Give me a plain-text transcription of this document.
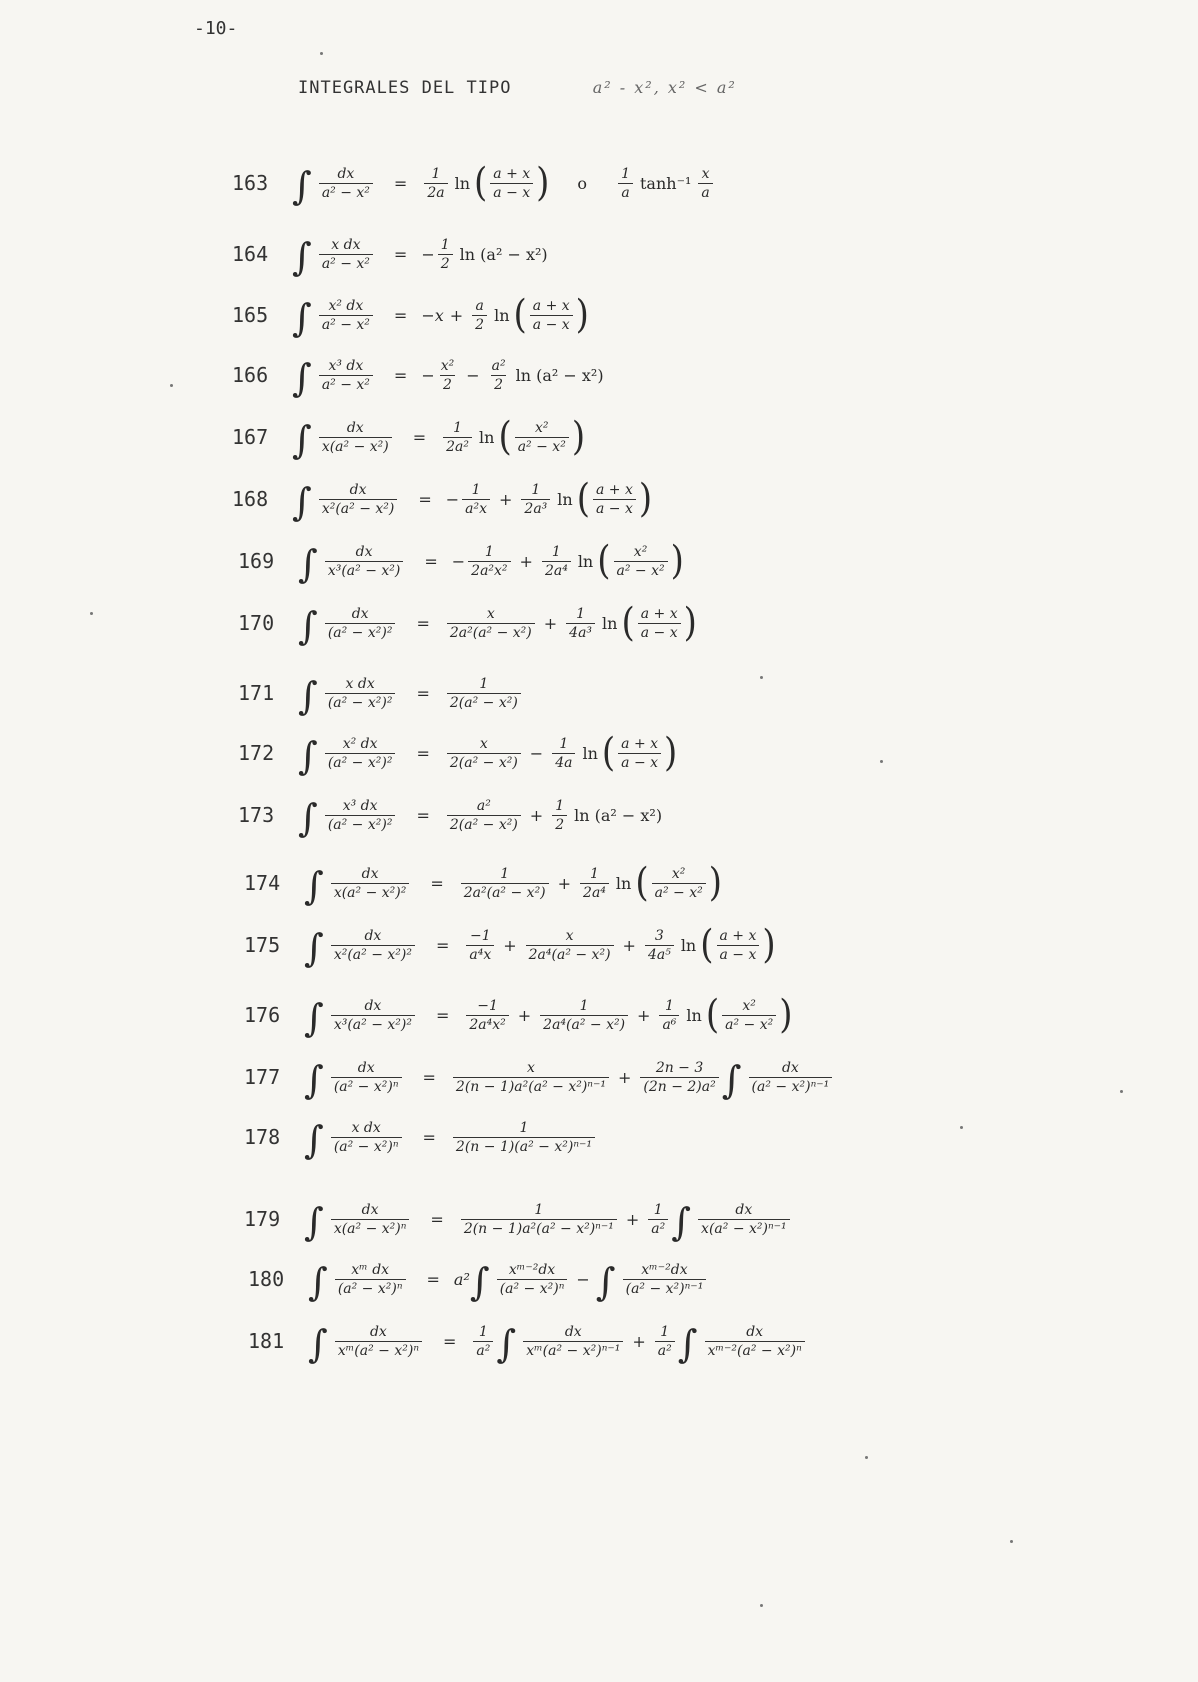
-10-
INTEGRALES DEL TIPO	a² - x², x² < a²
163 ∫ $\frac{dx}{\text{a² − x²}} = \frac{1}{2a}$ ln ( $\frac{a + x}{a - x}$ ) o $\frac{1}{a} \tanh^{-1} \frac{x}{a}$
164 ∫ $\frac{\text{x dx}}{\text{a² − x²}}$ = − $\frac{1}{2}$ ln (a² − x²)
165 ∫ $\frac{\text{x² dx}}{\text{a² − x²}} = -x + \frac{a}{2}$ ln ( $\frac{a + x}{a - x}$ )
166 ∫ $\frac{\text{x³ dx}}{\text{a² − x²}}$ = − $\frac{\text{x²}}{2} - \frac{\text{a²}}{2}$ ln (a² − x²)
167 ∫ $\frac{dx}{\text{x(a² − x²)}} = \frac{1}{\text{2a²}}$ ln ( $\frac{\text{x²}}{\text{a² − x²}}$ )
168 ∫ $\frac{dx}{\text{x²(a² − x²)}}$ = − $\frac{1}{\text{a²x}} + \frac{1}{\text{2a³}}$ ln ( $\frac{a + x}{a - x}$ )
169 ∫ $\frac{dx}{\text{x³(a² − x²)}}$ = − $\frac{1}{\text{2a²x²}} + \frac{1}{\text{2a⁴}}$ ln ( $\frac{\text{x²}}{\text{a² − x²}}$ )
170 ∫ $\frac{dx}{\text{(a² − x²)²}} = \frac{x}{\text{2a²(a² − x²)}} + \frac{1}{\text{4a³}}$ ln ( $\frac{a + x}{a - x}$ )
171 ∫ $\frac{\text{x dx}}{\text{(a² − x²)²}} = \frac{1}{\text{2(a² − x²)}}$
172 ∫ $\frac{\text{x² dx}}{\text{(a² − x²)²}} = \frac{x}{\text{2(a² − x²)}} - \frac{1}{4a}$ ln ( $\frac{a + x}{a - x}$ )
173 ∫ $\frac{\text{x³ dx}}{\text{(a² − x²)²}} = \frac{\text{a²}}{\text{2(a² − x²)}} + \frac{1}{2}$ ln (a² − x²)
174 ∫ $\frac{dx}{\text{x(a² − x²)²}} = \frac{1}{\text{2a²(a² − x²)}} + \frac{1}{\text{2a⁴}}$ ln ( $\frac{\text{x²}}{\text{a² − x²}}$ )
175 ∫ $\frac{dx}{\text{x²(a² − x²)²}} = \frac{-1}{\text{a⁴x}} + \frac{x}{\text{2a⁴(a² − x²)}} + \frac{3}{\text{4a⁵}}$ ln ( $\frac{a + x}{a - x}$ )
176 ∫ $\frac{dx}{\text{x³(a² − x²)²}} = \frac{-1}{\text{2a⁴x²}} + \frac{1}{\text{2a⁴(a² − x²)}} + \frac{1}{\text{a⁶}}$ ln ( $\frac{\text{x²}}{\text{a² − x²}}$ )
177 ∫ $\frac{dx}{\text{(a² − x²)ⁿ}} = \frac{x}{\text{2(n − 1)a²(a² − x²)ⁿ⁻¹}} + \frac{2n - 3}{\text{(2n − 2)a²}}$ ∫ $\frac{dx}{\text{(a² − x²)ⁿ⁻¹}}$
178 ∫ $\frac{\text{x dx}}{\text{(a² − x²)ⁿ}} = \frac{1}{\text{2(n − 1)(a² − x²)ⁿ⁻¹}}$
179 ∫ $\frac{dx}{\text{x(a² − x²)ⁿ}} = \frac{1}{\text{2(n − 1)a²(a² − x²)ⁿ⁻¹}} + \frac{1}{\text{a²}}$ ∫ $\frac{dx}{\text{x(a² − x²)ⁿ⁻¹}}$
180 ∫ $\frac{\text{xᵐ dx}}{\text{(a² − x²)ⁿ}} = a^2$ ∫ $\frac{\text{xᵐ⁻²dx}}{\text{(a² − x²)ⁿ}}$ − ∫ $\frac{\text{xᵐ⁻²dx}}{\text{(a² − x²)ⁿ⁻¹}}$
181 ∫ $\frac{dx}{\text{xᵐ(a² − x²)ⁿ}} = \frac{1}{\text{a²}}$ ∫ $\frac{dx}{\text{xᵐ(a² − x²)ⁿ⁻¹}} + \frac{1}{\text{a²}}$ ∫ $\frac{dx}{\text{xᵐ⁻²(a² − x²)ⁿ}}$
